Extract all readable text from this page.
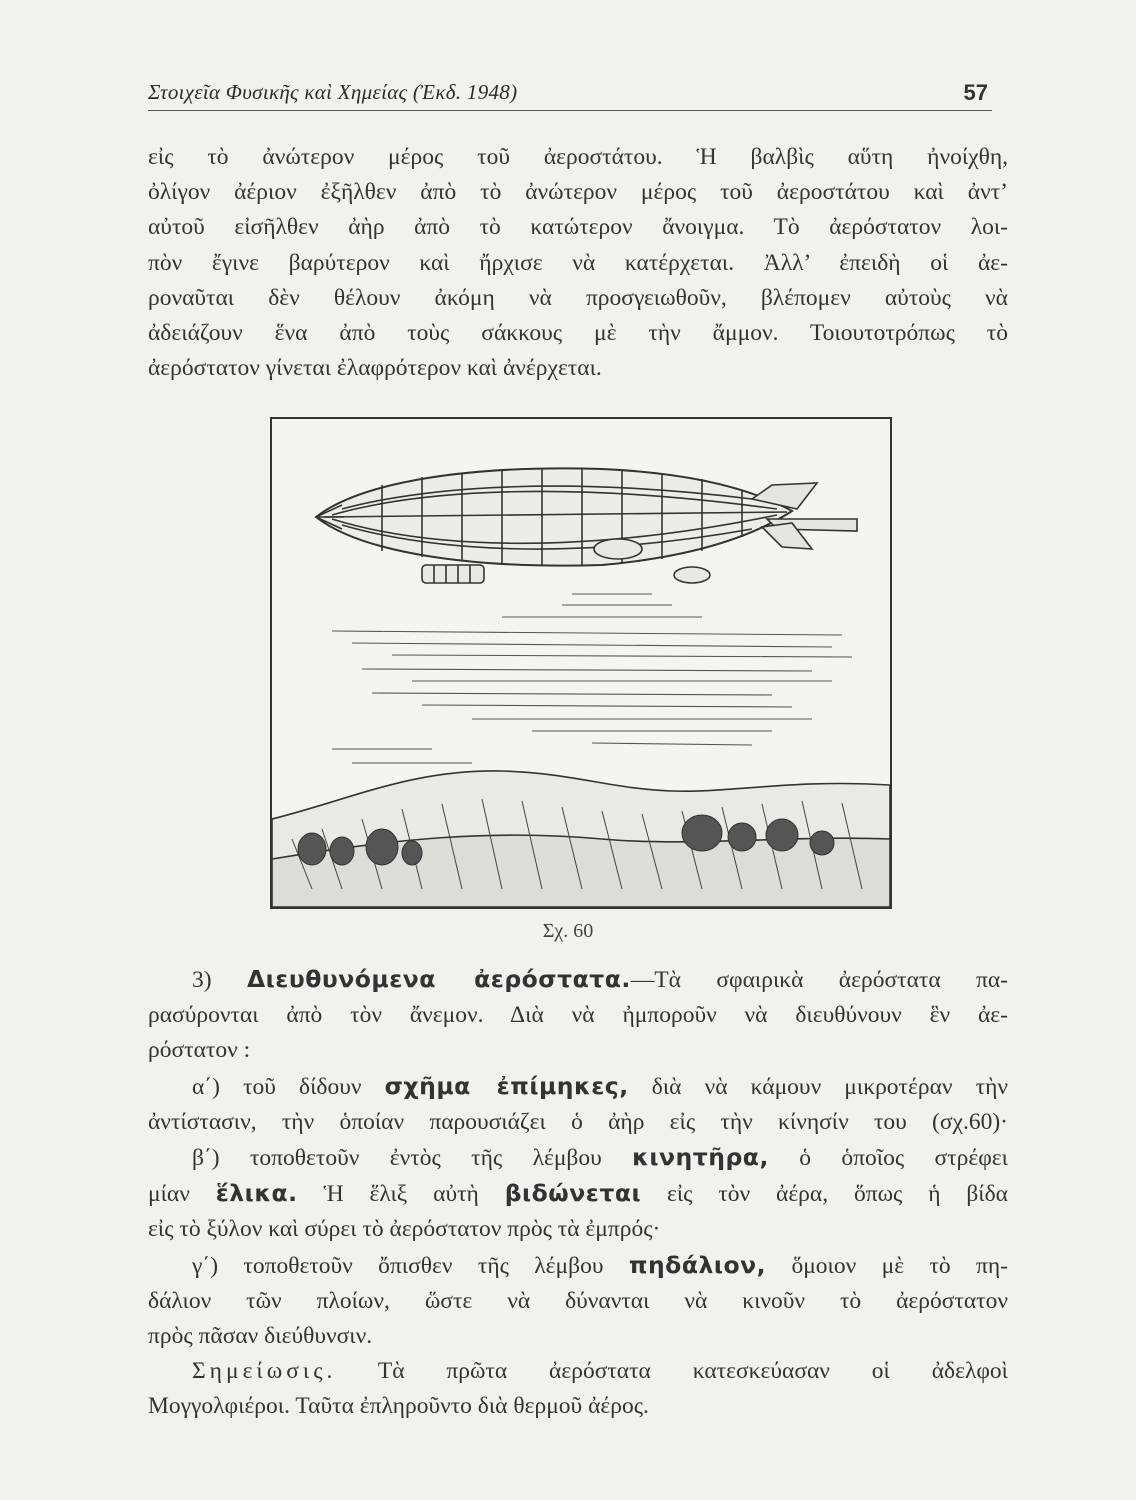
Στοιχεῖα Φυσικῆς καὶ Χημείας (Ἐκδ. 1948)	57
εἰς τὸ ἀνώτερον μέρος τοῦ ἀεροστάτου. Ἡ βαλβὶς αὕτη ἠνοίχθη,
ὀλίγον ἀέριον ἐξῆλθεν ἀπὸ τὸ ἀνώτερον μέρος τοῦ ἀεροστάτου καὶ ἀντ’
αὐτοῦ εἰσῆλθεν ἀὴρ ἀπὸ τὸ κατώτερον ἄνοιγμα. Τὸ ἀερόστατον λοι-
πὸν ἔγινε βαρύτερον καὶ ἤρχισε νὰ κατέρχεται. Ἀλλ’ ἐπειδὴ οἱ ἀε-
ροναῦται δὲν θέλουν ἀκόμη νὰ προσγειωθοῦν, βλέπομεν αὐτοὺς νὰ
ἀδειάζουν ἕνα ἀπὸ τοὺς σάκκους μὲ τὴν ἄμμον. Τοιουτοτρόπως τὸ
ἀερόστατον γίνεται ἐλαφρότερον καὶ ἀνέρχεται.
Σχ. 60
3) Διευθυνόμενα ἀερόστατα.—Τὰ σφαιρικὰ ἀερόστατα πα-
ρασύρονται ἀπὸ τὸν ἄνεμον. Διὰ νὰ ἠμποροῦν νὰ διευθύνουν ἓν ἀε-
ρόστατον :
α΄) τοῦ δίδουν σχῆμα ἐπίμηκες, διὰ νὰ κάμουν μικροτέραν τὴν
ἀντίστασιν, τὴν ὁποίαν παρουσιάζει ὁ ἀὴρ εἰς τὴν κίνησίν του (σχ.60)·
β΄) τοποθετοῦν ἐντὸς τῆς λέμβου κινητῆρα, ὁ ὁποῖος στρέφει
μίαν ἕλικα. Ἡ ἕλιξ αὐτὴ βιδώνεται εἰς τὸν ἀέρα, ὅπως ἡ βίδα
εἰς τὸ ξύλον καὶ σύρει τὸ ἀερόστατον πρὸς τὰ ἐμπρός·
γ΄) τοποθετοῦν ὄπισθεν τῆς λέμβου πηδάλιον, ὅμοιον μὲ τὸ πη-
δάλιον τῶν πλοίων, ὥστε νὰ δύνανται νὰ κινοῦν τὸ ἀερόστατον
πρὸς πᾶσαν διεύθυνσιν.
Σημείωσις. Τὰ πρῶτα ἀερόστατα κατεσκεύασαν οἱ ἀδελφοὶ
Μογγολφιέροι. Ταῦτα ἐπληροῦντο διὰ θερμοῦ ἀέρος.
